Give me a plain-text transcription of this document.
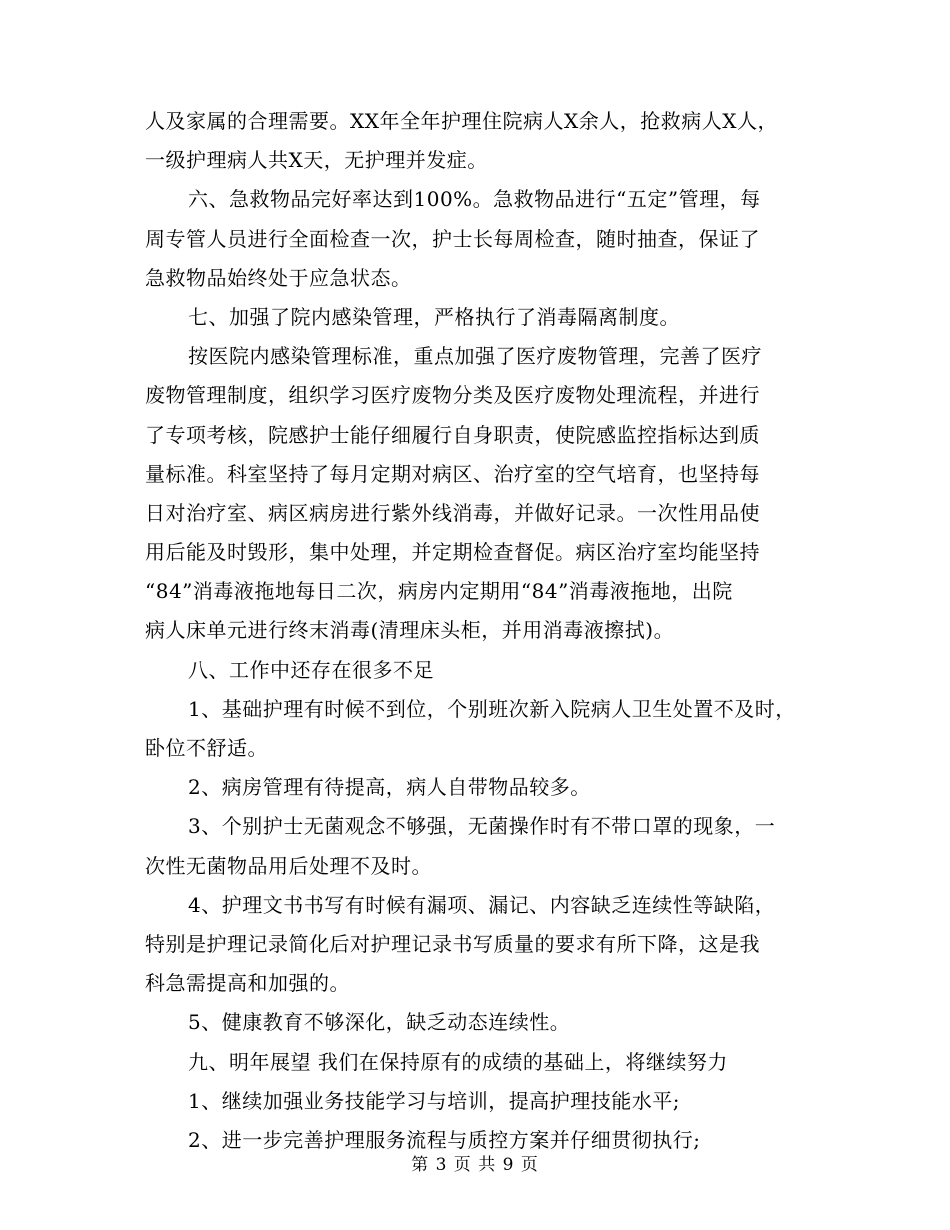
人及家属的合理需要。XX年全年护理住院病人X余人，抢救病人X人，
一级护理病人共X天，无护理并发症。
六、急救物品完好率达到100%。急救物品进行“五定”管理，每
周专管人员进行全面检查一次，护士长每周检查，随时抽查，保证了
急救物品始终处于应急状态。
七、加强了院内感染管理，严格执行了消毒隔离制度。
按医院内感染管理标准，重点加强了医疗废物管理，完善了医疗
废物管理制度，组织学习医疗废物分类及医疗废物处理流程，并进行
了专项考核，院感护士能仔细履行自身职责，使院感监控指标达到质
量标准。科室坚持了每月定期对病区、治疗室的空气培育，也坚持每
日对治疗室、病区病房进行紫外线消毒，并做好记录。一次性用品使
用后能及时毁形，集中处理，并定期检查督促。病区治疗室均能坚持
“84”消毒液拖地每日二次，病房内定期用“84”消毒液拖地，出院
病人床单元进行终末消毒(清理床头柜，并用消毒液擦拭)。
八、工作中还存在很多不足
1、基础护理有时候不到位，个别班次新入院病人卫生处置不及时，
卧位不舒适。
2、病房管理有待提高，病人自带物品较多。
3、个别护士无菌观念不够强，无菌操作时有不带口罩的现象，一
次性无菌物品用后处理不及时。
4、护理文书书写有时候有漏项、漏记、内容缺乏连续性等缺陷，
特别是护理记录简化后对护理记录书写质量的要求有所下降，这是我
科急需提高和加强的。
5、健康教育不够深化，缺乏动态连续性。
九、明年展望 我们在保持原有的成绩的基础上，将继续努力
1、继续加强业务技能学习与培训，提高护理技能水平;
2、进一步完善护理服务流程与质控方案并仔细贯彻执行;
第 3 页 共 9 页
